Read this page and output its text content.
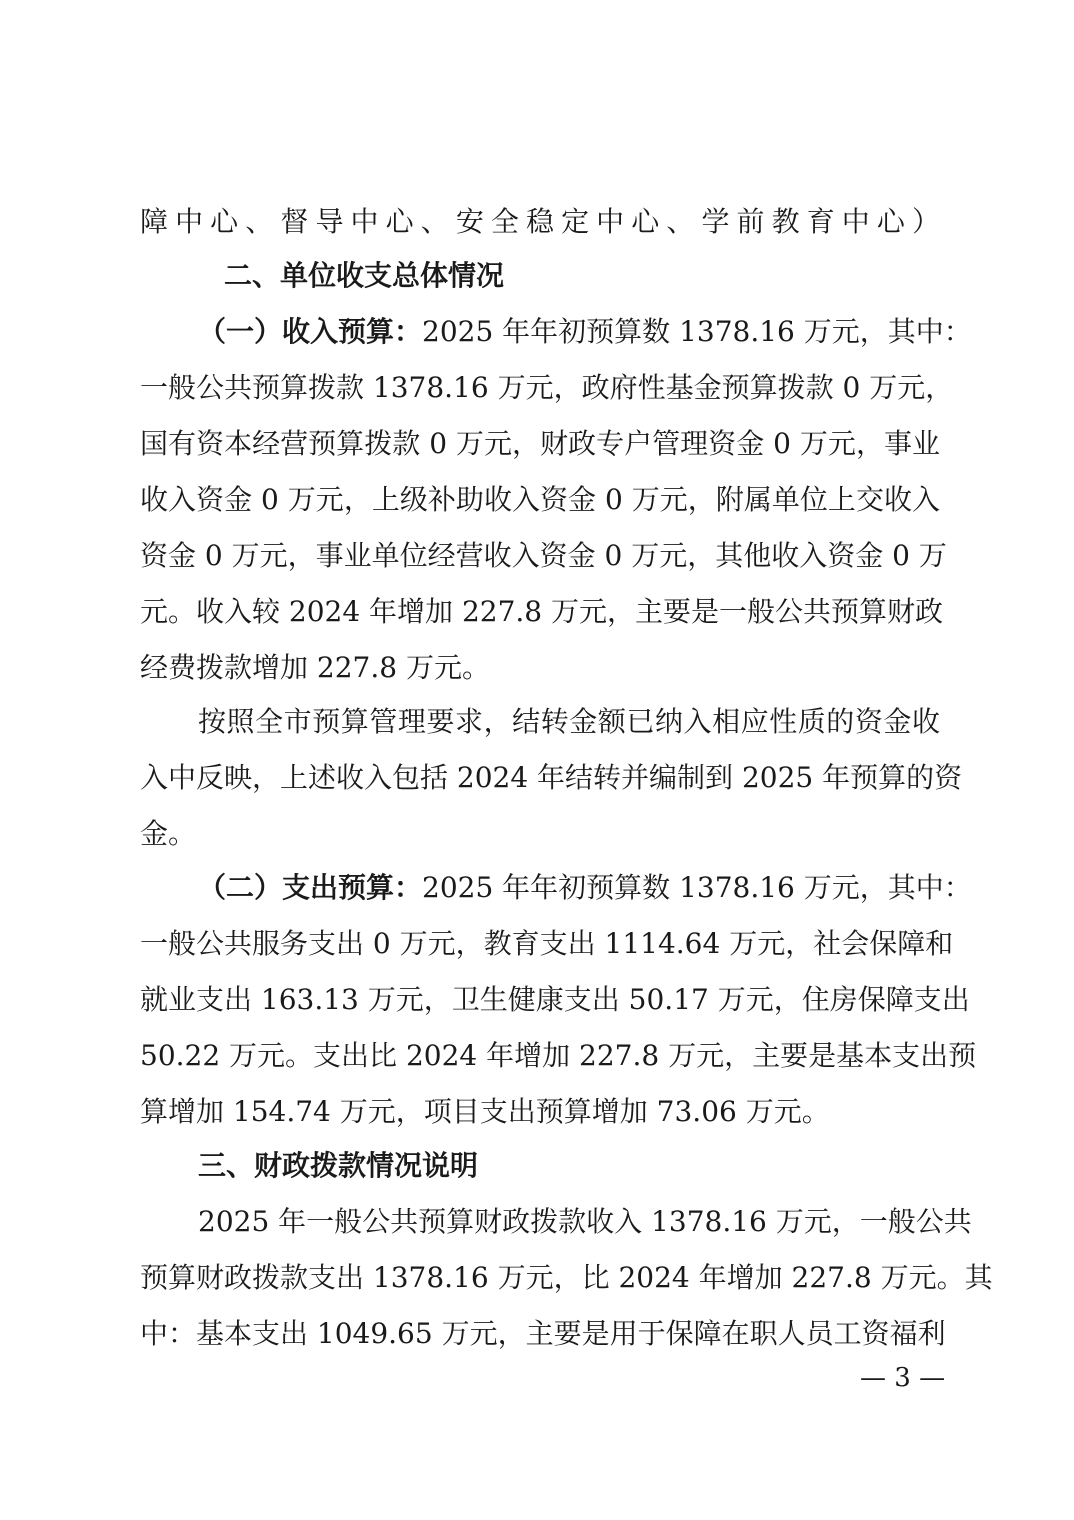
障中心、督导中心、安全稳定中心、学前教育中心）
二、单位收支总体情况
（一）收入预算：2025 年年初预算数 1378.16 万元，其中：
一般公共预算拨款 1378.16 万元，政府性基金预算拨款 0 万元，
国有资本经营预算拨款 0 万元，财政专户管理资金 0 万元，事业
收入资金 0 万元，上级补助收入资金 0 万元，附属单位上交收入
资金 0 万元，事业单位经营收入资金 0 万元，其他收入资金 0 万
元。收入较 2024 年增加 227.8 万元，主要是一般公共预算财政
经费拨款增加 227.8 万元。
按照全市预算管理要求，结转金额已纳入相应性质的资金收
入中反映，上述收入包括 2024 年结转并编制到 2025 年预算的资
金。
（二）支出预算：2025 年年初预算数 1378.16 万元，其中：
一般公共服务支出 0 万元，教育支出 1114.64 万元，社会保障和
就业支出 163.13 万元，卫生健康支出 50.17 万元，住房保障支出
50.22 万元。支出比 2024 年增加 227.8 万元，主要是基本支出预
算增加 154.74 万元，项目支出预算增加 73.06 万元。
三、财政拨款情况说明
2025 年一般公共预算财政拨款收入 1378.16 万元，一般公共
预算财政拨款支出 1378.16 万元，比 2024 年增加 227.8 万元。其
中：基本支出 1049.65 万元，主要是用于保障在职人员工资福利
— 3 —
